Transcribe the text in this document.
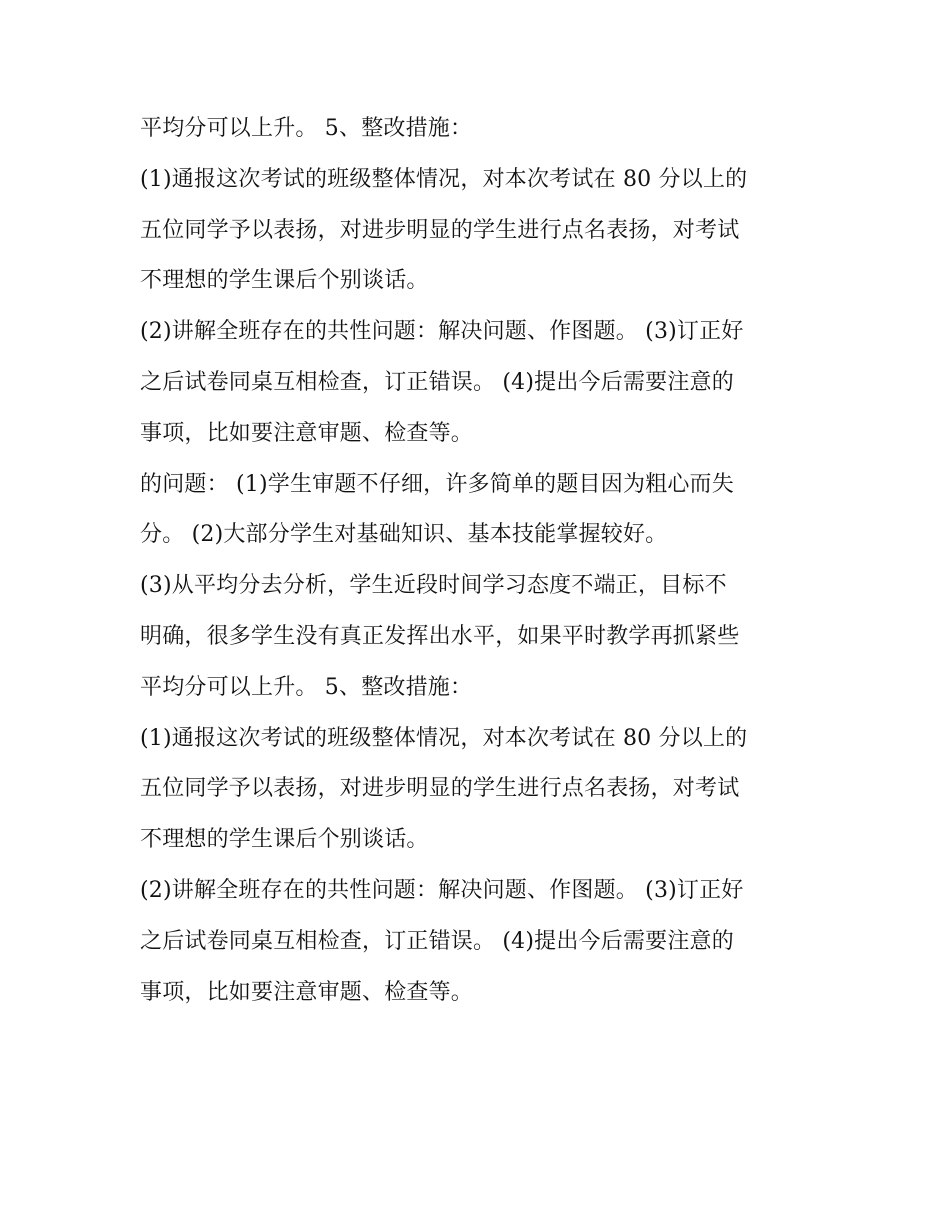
平均分可以上升。 5、整改措施：
(1)通报这次考试的班级整体情况，对本次考试在 80 分以上的
五位同学予以表扬，对进步明显的学生进行点名表扬，对考试
不理想的学生课后个别谈话。
(2)讲解全班存在的共性问题：解决问题、作图题。 (3)订正好
之后试卷同桌互相检查，订正错误。 (4)提出今后需要注意的
事项，比如要注意审题、检查等。
的问题： (1)学生审题不仔细，许多简单的题目因为粗心而失
分。 (2)大部分学生对基础知识、基本技能掌握较好。
(3)从平均分去分析，学生近段时间学习态度不端正，目标不
明确，很多学生没有真正发挥出水平，如果平时教学再抓紧些
平均分可以上升。 5、整改措施：
(1)通报这次考试的班级整体情况，对本次考试在 80 分以上的
五位同学予以表扬，对进步明显的学生进行点名表扬，对考试
不理想的学生课后个别谈话。
(2)讲解全班存在的共性问题：解决问题、作图题。 (3)订正好
之后试卷同桌互相检查，订正错误。 (4)提出今后需要注意的
事项，比如要注意审题、检查等。
